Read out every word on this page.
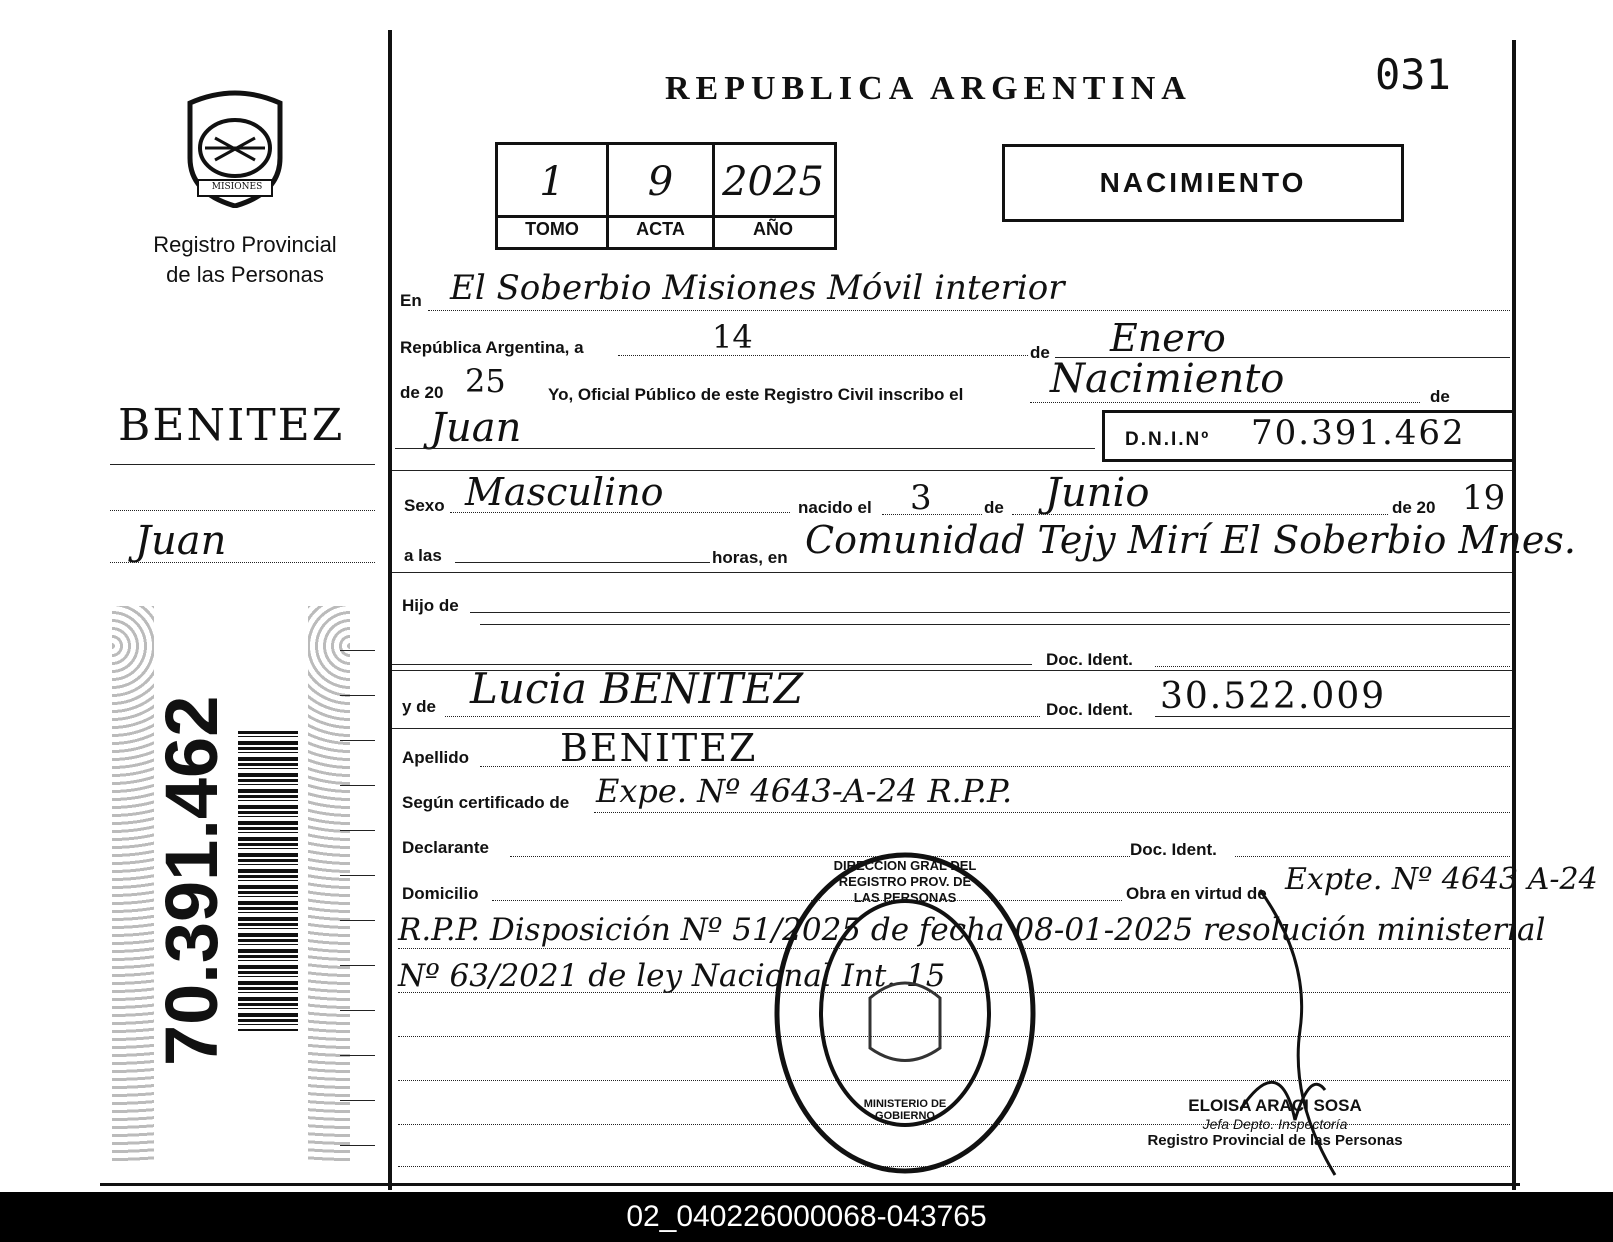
MISIONES
Registro Provincial
de las Personas
BENITEZ
Juan
70.391.462
031
REPUBLICA ARGENTINA
1	9	2025
TOMO	ACTA	AÑO
NACIMIENTO
En El Soberbio Misiones Móvil interior
República Argentina, a	14	de Enero
de 20 25 Yo, Oficial Público de este Registro Civil inscribo el Nacimiento	de
Juan	D.N.I.Nº 70.391.462
Sexo Masculino	nacido el 3	de Junio	de 20 19
a las	horas, en Comunidad Tejy Mirí El Soberbio Mnes.
Hijo de
Doc. Ident.
y de Lucia BENITEZ	Doc. Ident. 30.522.009
Apellido BENITEZ
Según certificado de Expe. Nº 4643-A-24 R.P.P.
Declarante	Doc. Ident.
Domicilio	Obra en virtud de Expte. Nº 4643 A-24
R.P.P. Disposición Nº 51/2025 de fecha 08-01-2025 resolución ministerial
Nº 63/2021 de ley Nacional Int. 15
DIRECCION GRAL DEL REGISTRO PROV. DE LAS PERSONAS
MINISTERIO DE GOBIERNO
ELOISA ARACI SOSA
Jefa Depto. Inspectoría
Registro Provincial de las Personas
02_040226000068-043765
